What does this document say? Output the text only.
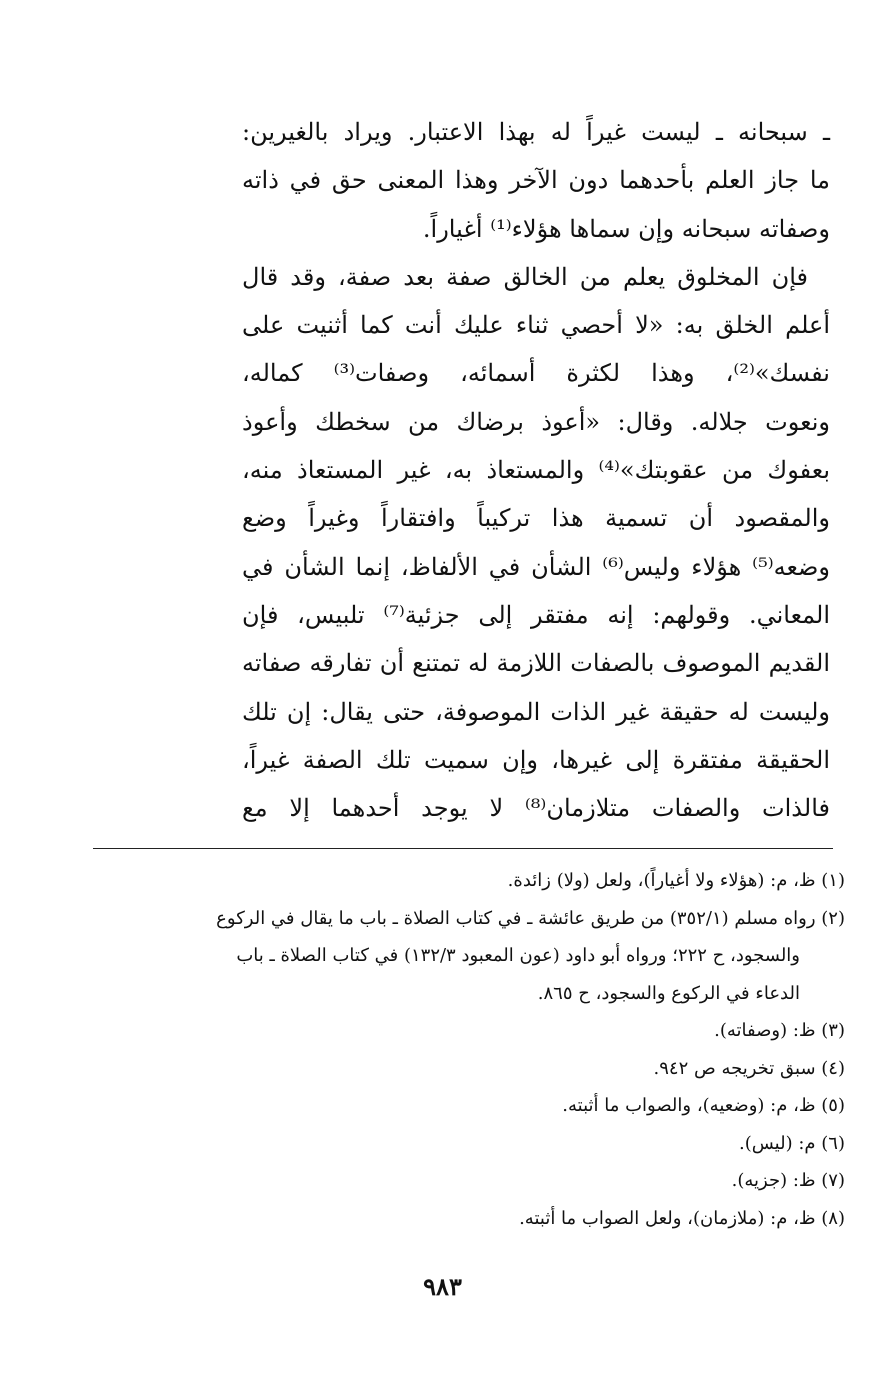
ـ سبحانه ـ ليست غيراً له بهذا الاعتبار. ويراد بالغيرين:
ما جاز العلم بأحدهما دون الآخر وهذا المعنى حق في ذاته
وصفاته سبحانه وإن سماها هؤلاء⁽¹⁾ أغياراً.
فإن المخلوق يعلم من الخالق صفة بعد صفة، وقد قال
أعلم الخلق به: «لا أحصي ثناء عليك أنت كما أثنيت على
نفسك»⁽²⁾، وهذا لكثرة أسمائه، وصفات⁽³⁾ كماله،
ونعوت جلاله. وقال: «أعوذ برضاك من سخطك وأعوذ
بعفوك من عقوبتك»⁽⁴⁾ والمستعاذ به، غير المستعاذ منه،
والمقصود أن تسمية هذا تركيباً وافتقاراً وغيراً وضع
وضعه⁽⁵⁾ هؤلاء وليس⁽⁶⁾ الشأن في الألفاظ، إنما الشأن في
المعاني. وقولهم: إنه مفتقر إلى جزئية⁽⁷⁾ تلبيس، فإن
القديم الموصوف بالصفات اللازمة له تمتنع أن تفارقه صفاته
وليست له حقيقة غير الذات الموصوفة، حتى يقال: إن تلك
الحقيقة مفتقرة إلى غيرها، وإن سميت تلك الصفة غيراً،
فالذات والصفات متلازمان⁽⁸⁾ لا يوجد أحدهما إلا مع
(١) ظ، م: (هؤلاء ولا أغياراً)، ولعل (ولا) زائدة.
(٢) رواه مسلم (٣٥٢/١) من طريق عائشة ـ في كتاب الصلاة ـ باب ما يقال في الركوع
والسجود، ح ٢٢٢؛ ورواه أبو داود (عون المعبود ١٣٢/٣) في كتاب الصلاة ـ باب
الدعاء في الركوع والسجود، ح ٨٦٥.
(٣) ظ: (وصفاته).
(٤) سبق تخريجه ص ٩٤٢.
(٥) ظ، م: (وضعيه)، والصواب ما أثبته.
(٦) م: (ليس).
(٧) ظ: (جزيه).
(٨) ظ، م: (ملازمان)، ولعل الصواب ما أثبته.
٩٨٣
